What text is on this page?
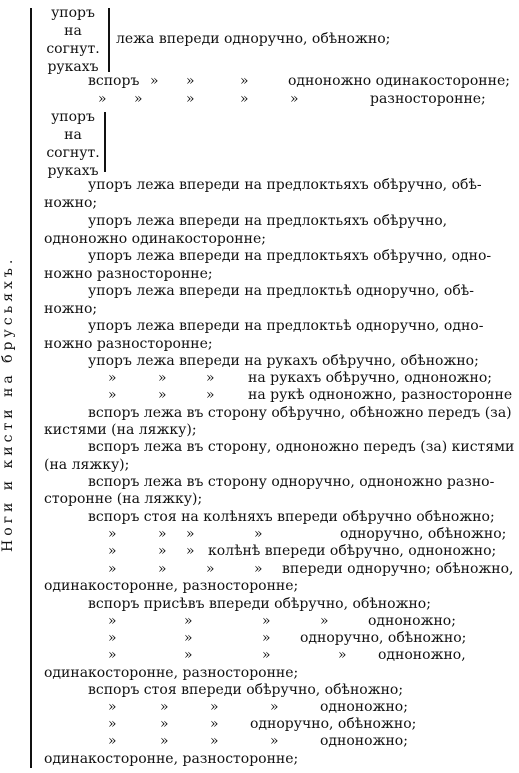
Ноги и кисти на брусьяхъ.
упоръ
на
согнут.
рукахъ
лежа впереди одноручно, обѣножно;
вспоръ » »	»	одноножно одинакосторонне;
» »	»	»	»	разносторонне;
упоръ
на
согнут.
рукахъ
упоръ лежа впереди на предлоктьяхъ обѣручно, обѣ-
ножно;
упоръ лежа впереди на предлоктьяхъ обѣручно,
одноножно одинакосторонне;
упоръ лежа впереди на предлоктьяхъ обѣручно, одно-
ножно разносторонне;
упоръ лежа впереди на предлоктьѣ одноручно, обѣ-
ножно;
упоръ лежа впереди на предлоктьѣ одноручно, одно-
ножно разносторонне;
упоръ лежа впереди на рукахъ обѣручно, обѣножно;
»	»	» на рукахъ обѣручно, одноножно;
»	»	» на рукѣ одноножно, разносторонне
вспоръ лежа въ сторону обѣручно, обѣножно передъ (за)
кистями (на ляжку);
вспоръ лежа въ сторону, одноножно передъ (за) кистями
(на ляжку);
вспоръ лежа въ сторону одноручно, одноножно разно-
сторонне (на ляжку);
вспоръ стоя на колѣняхъ впереди обѣручно обѣножно;
»	» »	»	одноручно, обѣножно;
»	» » колѣнѣ впереди обѣручно, одноножно;
»	»	»	» впереди одноручно; обѣножно,
одинакосторонне, разносторонне;
вспоръ присѣвъ впереди обѣручно, обѣножно;
»	»	»	»	одноножно;
»	»	» одноручно, обѣножно;
»	»	»	» одноножно,
одинакосторонне, разносторонне;
вспоръ стоя впереди обѣручно, обѣножно;
»	»	»	»	одноножно;
»	»	» одноручно, обѣножно;
»	»	»	»	одноножно;
одинакосторонне, разносторонне;
